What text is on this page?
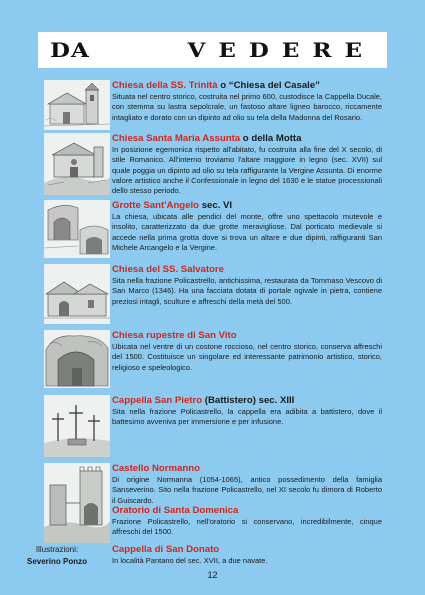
DA	VEDERE
Chiesa della SS. Trinità o “Chiesa del Casale”
Situata nel centro storico, costruita nel primo 600, custodisce la Cappella Ducale, con stemma su lastra sepolcrale, un fastoso altare ligneo barocco, riccamente intagliato e dorato con un dipinto ad olio su tela della Madonna del Rosario.
Chiesa Santa Maria Assunta o della Motta
In posizione egemonica rispetto all'abitato, fu costruita alla fine del X secolo, di stile Romanico. All'interno troviamo l'altare maggiore in legno (sec. XVII) sul quale poggia un dipinto ad olio su tela raffigurante la Vergine Assunta. Di enorme valore artistico anche il Confessionale in legno del 1630 e le statue processionali dello stesso periodo.
Grotte Sant'Angelo sec. VI
La chiesa, ubicata alle pendici del monte, offre uno spettacolo mutevole e insolito, caratterizzato da due grotte meravigliose. Dal porticato medievale si accede nella prima grotta dove si trova un altare e due dipinti, raffiguranti San Michele Arcangelo e la Vergine.
Chiesa del SS. Salvatore
Sita nella frazione Policastrello, antichissima, restaurata da Tommaso Vescovo di San Marco (1346). Ha una facciata dotata di portale ogivale in pietra, contiene preziosi intagli, sculture e affreschi della metà del 500.
Chiesa rupestre di San Vito
Ubicata nel ventre di un costone roccioso, nel centro storico, conserva affreschi del 1500. Costituisce un singolare ed interessante patrimonio artistico, storico, religioso e speleologico.
Cappella San Pietro (Battistero) sec. XIII
Sita nella frazione Policastrello, la cappella era adibita a battistero, dove il battesimo avveniva per immersione e per infusione.
Castello Normanno
Di origine Normanna (1054-1065), antico possedimento della famiglia Sanseverino. Sito nella frazione Policastrello, nel XI secolo fu dimora di Roberto il Guiscardo.
Oratorio di Santa Domenica
Frazione Policastrello, nell'oratorio si conservano, incredibilmente, cinque affreschi del 1500.
Cappella di San Donato
In località Pantano del sec. XVII, a due navate.
Illustrazioni:
Severino Ponzo
12
